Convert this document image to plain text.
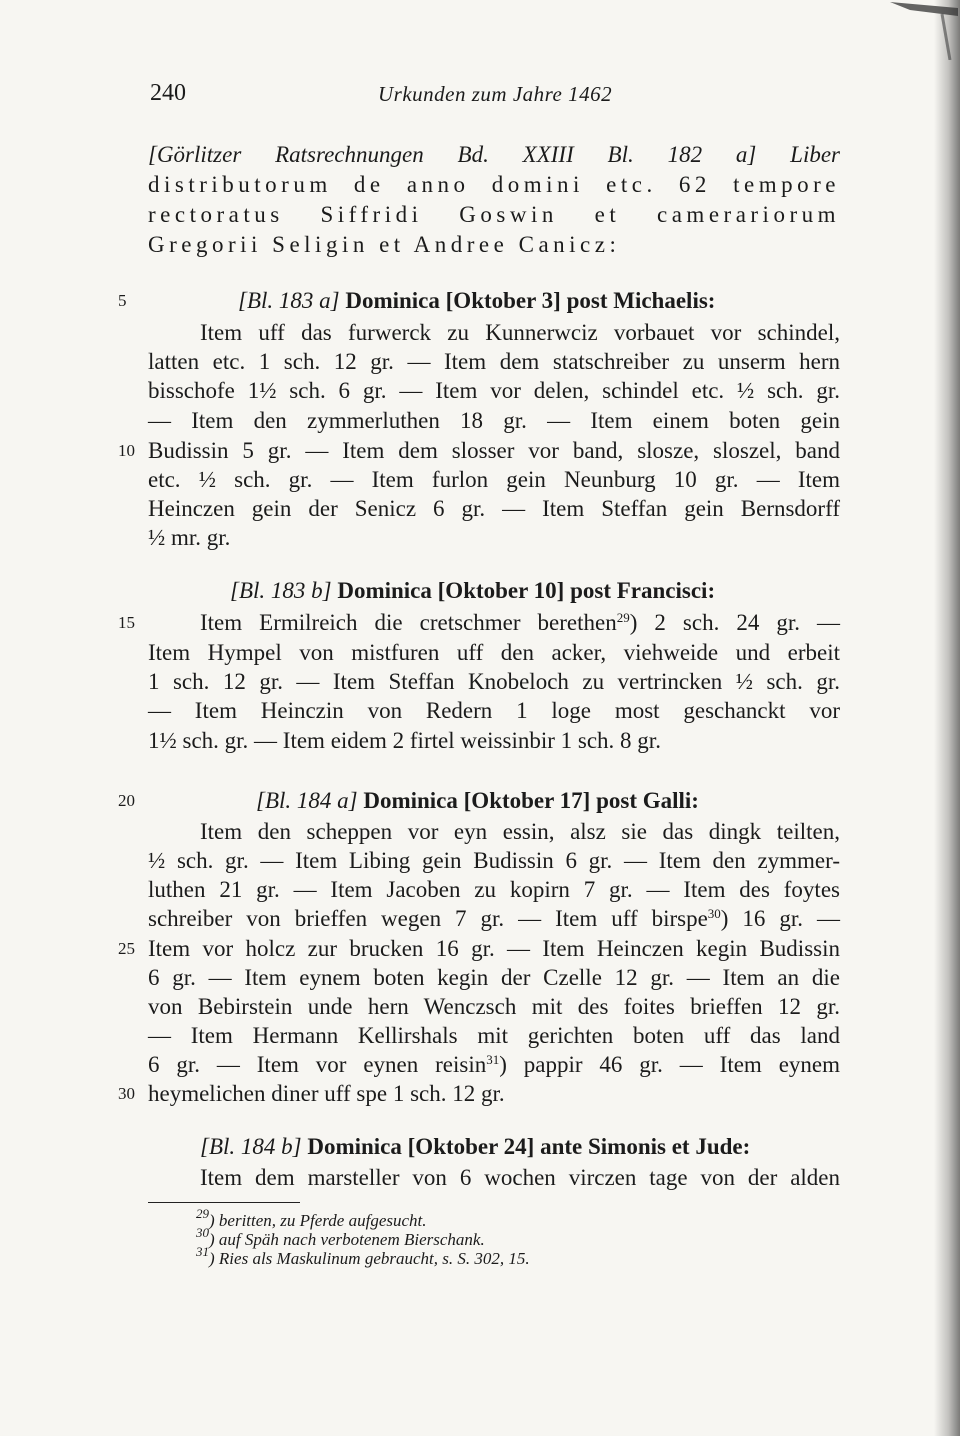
240	Urkunden zum Jahre 1462
[Görlitzer Ratsrechnungen Bd. XXIII Bl. 182 a] Liber
distributorum de anno domini etc. 62 tempore
rectoratus Siffridi Goswin et camerariorum
Gregorii Seligin et Andree Canicz:
5	[Bl. 183 a] Dominica [Oktober 3] post Michaelis:
Item uff das furwerck zu Kunnerwciz vorbauet vor schindel,
latten etc. 1 sch. 12 gr. — Item dem statschreiber zu unserm hern
bisschofe 1½ sch. 6 gr. — Item vor delen, schindel etc. ½ sch. gr.
— Item den zymmerluthen 18 gr. — Item einem boten gein
10 Budissin 5 gr. — Item dem slosser vor band, slosze, sloszel, band
etc. ½ sch. gr. — Item furlon gein Neunburg 10 gr. — Item
Heinczen gein der Senicz 6 gr. — Item Steffan gein Bernsdorff
½ mr. gr.
[Bl. 183 b] Dominica [Oktober 10] post Francisci:
15	Item Ermilreich die cretschmer berethen$^{29}$) 2 sch. 24 gr. —
Item Hympel von mistfuren uff den acker, viehweide und erbeit
1 sch. 12 gr. — Item Steffan Knobeloch zu vertrincken ½ sch. gr.
— Item Heinczin von Redern 1 loge most geschanckt vor
1½ sch. gr. — Item eidem 2 firtel weissinbir 1 sch. 8 gr.
20	[Bl. 184 a] Dominica [Oktober 17] post Galli:
Item den scheppen vor eyn essin, alsz sie das dingk teilten,
½ sch. gr. — Item Libing gein Budissin 6 gr. — Item den zymmer-
luthen 21 gr. — Item Jacoben zu kopirn 7 gr. — Item des foytes
schreiber von brieffen wegen 7 gr. — Item uff birspe$^{30}$) 16 gr. —
25 Item vor holcz zur brucken 16 gr. — Item Heinczen kegin Budissin
6 gr. — Item eynem boten kegin der Czelle 12 gr. — Item an die
von Bebirstein unde hern Wenczsch mit des foites brieffen 12 gr.
— Item Hermann Kellirshals mit gerichten boten uff das land
6 gr. — Item vor eynen reisin$^{31}$) pappir 46 gr. — Item eynem
30 heymelichen diner uff spe 1 sch. 12 gr.
[Bl. 184 b] Dominica [Oktober 24] ante Simonis et Jude:
Item dem marsteller von 6 wochen virczen tage von der alden
$^{29}$) beritten, zu Pferde aufgesucht.
$^{30}$) auf Späh nach verbotenem Bierschank.
$^{31}$) Ries als Maskulinum gebraucht, s. S. 302, 15.
